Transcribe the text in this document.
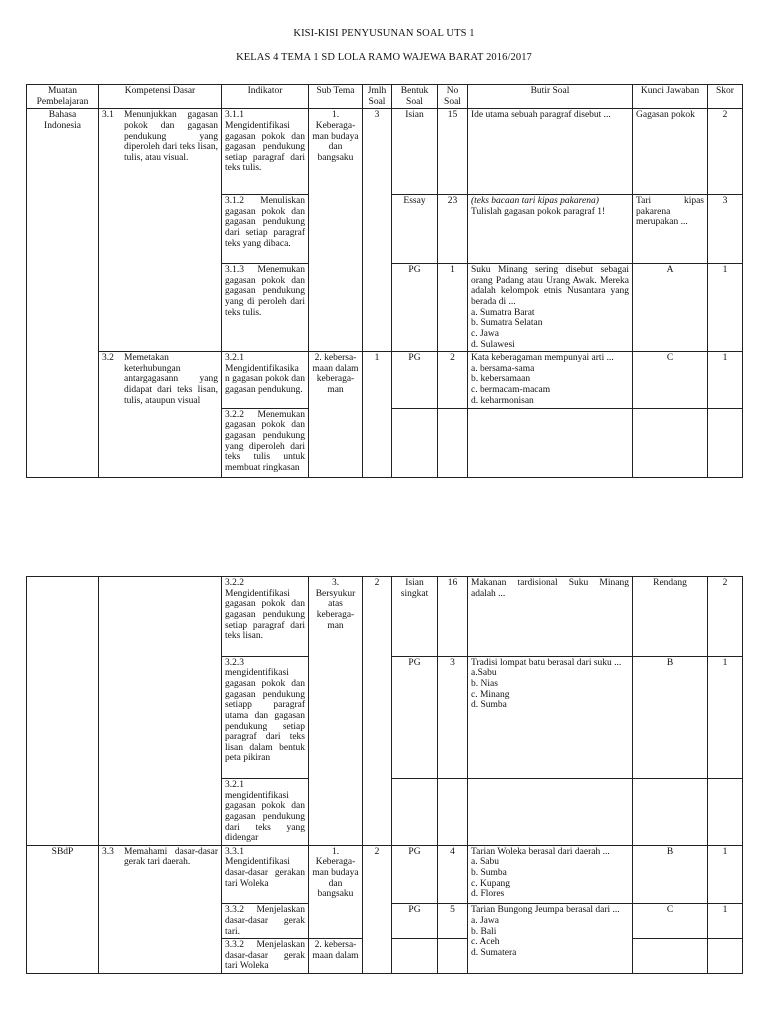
KISI-KISI PENYUSUNAN SOAL UTS 1
KELAS 4 TEMA 1 SD LOLA RAMO WAJEWA BARAT 2016/2017
Muatan Pembelajaran	Kompetensi Dasar	Indikator	Sub Tema	Jmlh Soal	Bentuk Soal	No Soal	Butir Soal	Kunci Jawaban	Skor
Bahasa Indonesia	3.1 Menunjukkan gagasan pokok dan gagasan pendukung yang diperoleh dari teks lisan, tulis, atau visual.	3.1.1 Mengidentifikasi gagasan pokok dan gagasan pendukung setiap paragraf dari teks tulis.	1. Keberaga-man budaya dan bangsaku	3	Isian	15	Ide utama sebuah paragraf disebut ...	Gagasan pokok	2
		3.1.2 Menuliskan gagasan pokok dan gagasan pendukung dari setiap paragraf teks yang dibaca.			Essay	23	(teks bacaan tari kipas pakarena)
Tulislah gagasan pokok paragraf 1!	Tari kipas pakarena merupakan ...	3
		3.1.3 Menemukan gagasan pokok dan gagasan pendukung yang di peroleh dari teks tulis.			PG	1	Suku Minang sering disebut sebagai orang Padang atau Urang Awak. Mereka adalah kelompok etnis Nusantara yang berada di ...
a. Sumatra Barat
b. Sumatra Selatan
c. Jawa
d. Sulawesi	A	1

	3.2 Memetakan keterhubungan antargagasann yang didapat dari teks lisan, tulis, ataupun visual	3.2.1 Mengidentifikasika n gagasan pokok dan gagasan pendukung.	2. kebersa-maan dalam keberaga-man	1	PG	2	Kata keberagaman mempunyai arti ...
a. bersama-sama
b. kebersamaan
c. bermacam-macam
d. keharmonisan	C	1
		3.2.2 Menemukan gagasan pokok dan gagasan pendukung yang diperoleh dari teks tulis untuk membuat ringkasan							
		3.2.2 Mengidentifikasi gagasan pokok dan gagasan pendukung setiap paragraf dari teks lisan.	3. Bersyukur atas keberaga-man	2	Isian singkat	16	Makanan tardisional Suku Minang adalah ...	Rendang	2
		3.2.3 mengidentifikasi gagasan pokok dan gagasan pendukung setiapp paragraf utama dan gagasan pendukung setiap paragraf dari teks lisan dalam bentuk peta pikiran			PG	3	Tradisi lompat batu berasal dari suku ...
a.Sabu
b. Nias
c. Minang
d. Sumba	B	1
		3.2.1 mengidentifikasi gagasan pokok dan gagasan pendukung dari teks yang didengar							
SBdP	3.3 Memahami dasar-dasar gerak tari daerah.	3.3.1 Mengidentifikasi dasar-dasar gerakan tari Woleka	1. Keberaga-man budaya dan bangsaku	2	PG	4	Tarian Woleka berasal dari daerah ...
a. Sabu
b. Sumba
c. Kupang
d. Flores	B	1
		3.3.2 Menjelaskan dasar-dasar gerak tari.			PG	5	Tarian Bungong Jeumpa berasal dari ...
a. Jawa
b. Bali
c. Aceh
d. Sumatera	C	1
		3.3.2 Menjelaskan dasar-dasar gerak tari Woleka	2. kebersa-maan dalam						
